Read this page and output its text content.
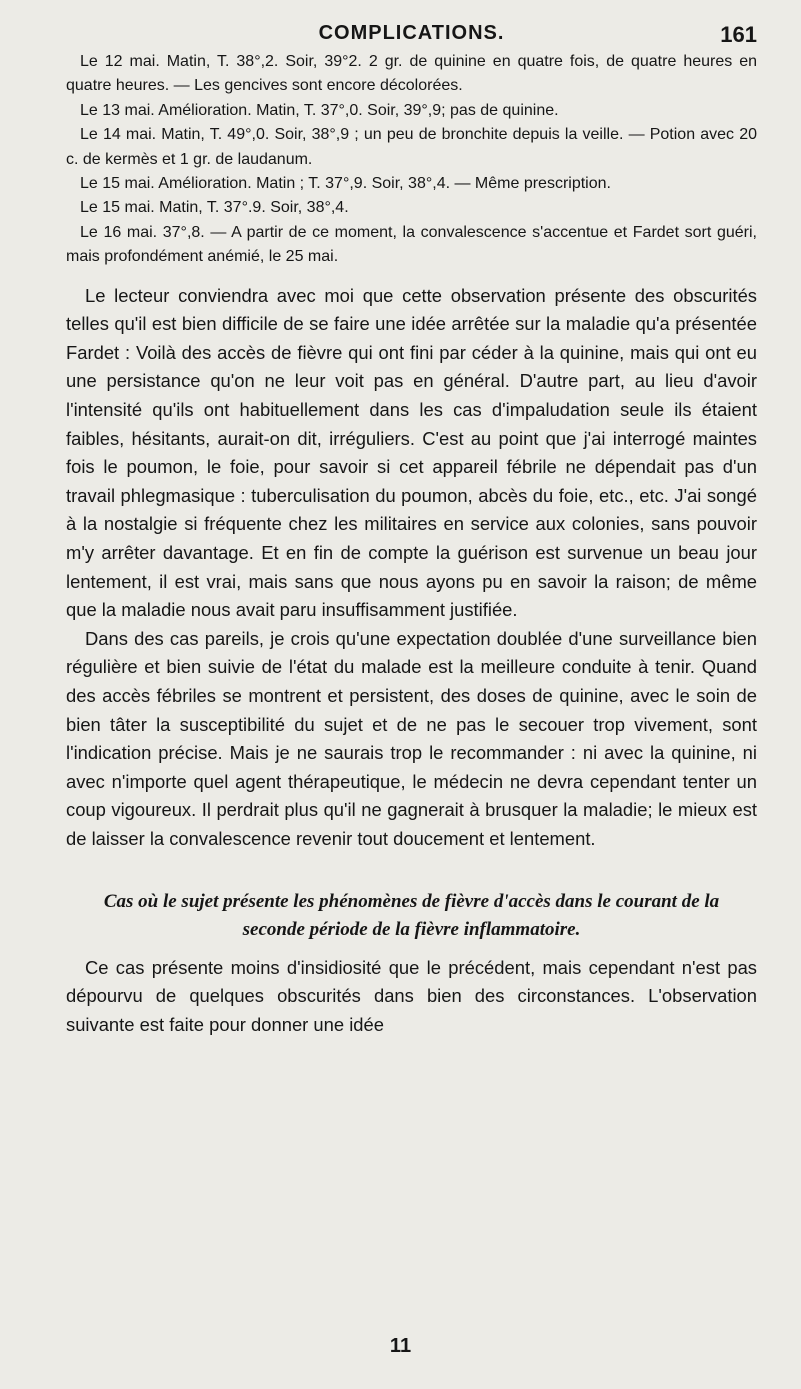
COMPLICATIONS.	161

Le 12 mai. Matin, T. 38°,2. Soir, 39°2. 2 gr. de quinine en quatre fois, de quatre heures en quatre heures. — Les gencives sont encore décolorées.

Le 13 mai. Amélioration. Matin, T. 37°,0. Soir, 39°,9; pas de quinine.

Le 14 mai. Matin, T. 49°,0. Soir, 38°,9 ; un peu de bronchite depuis la veille. — Potion avec 20 c. de kermès et 1 gr. de laudanum.

Le 15 mai. Amélioration. Matin ; T. 37°,9. Soir, 38°,4. — Même prescription.

Le 15 mai. Matin, T. 37°.9. Soir, 38°,4.

Le 16 mai. 37°,8. — A partir de ce moment, la convalescence s'accentue et Fardet sort guéri, mais profondément anémié, le 25 mai.

Le lecteur conviendra avec moi que cette observation présente des obscurités telles qu'il est bien difficile de se faire une idée arrêtée sur la maladie qu'a présentée Fardet : Voilà des accès de fièvre qui ont fini par céder à la quinine, mais qui ont eu une persistance qu'on ne leur voit pas en général. D'autre part, au lieu d'avoir l'intensité qu'ils ont habituellement dans les cas d'impaludation seule ils étaient faibles, hésitants, aurait-on dit, irréguliers. C'est au point que j'ai interrogé maintes fois le poumon, le foie, pour savoir si cet appareil fébrile ne dépendait pas d'un travail phlegmasique : tuberculisation du poumon, abcès du foie, etc., etc. J'ai songé à la nostalgie si fréquente chez les militaires en service aux colonies, sans pouvoir m'y arrêter davantage. Et en fin de compte la guérison est survenue un beau jour lentement, il est vrai, mais sans que nous ayons pu en savoir la raison; de même que la maladie nous avait paru insuffisamment justifiée.

Dans des cas pareils, je crois qu'une expectation doublée d'une surveillance bien régulière et bien suivie de l'état du malade est la meilleure conduite à tenir. Quand des accès fébriles se montrent et persistent, des doses de quinine, avec le soin de bien tâter la susceptibilité du sujet et de ne pas le secouer trop vivement, sont l'indication précise. Mais je ne saurais trop le recommander : ni avec la quinine, ni avec n'importe quel agent thérapeutique, le médecin ne devra cependant tenter un coup vigoureux. Il perdrait plus qu'il ne gagnerait à brusquer la maladie; le mieux est de laisser la convalescence revenir tout doucement et lentement.

Cas où le sujet présente les phénomènes de fièvre d'accès dans le courant de la seconde période de la fièvre inflammatoire.

Ce cas présente moins d'insidiosité que le précédent, mais cependant n'est pas dépourvu de quelques obscurités dans bien des circonstances. L'observation suivante est faite pour donner une idée

11
